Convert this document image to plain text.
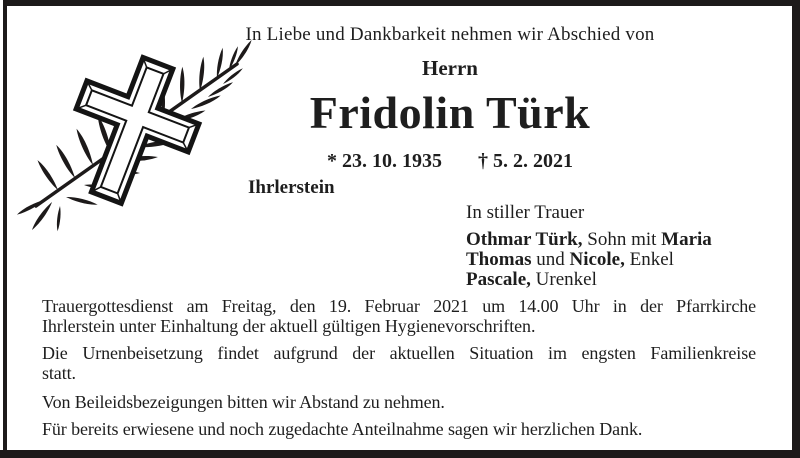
In Liebe und Dankbarkeit nehmen wir Abschied von
Herrn
Fridolin Türk
* 23. 10. 1935 † 5. 2. 2021
Ihrlerstein
In stiller Trauer
Othmar Türk, Sohn mit Maria
Thomas und Nicole, Enkel
Pascale, Urenkel

Trauergottesdienst am Freitag, den 19. Februar 2021 um 14.00 Uhr in der Pfarrkirche
Ihrlerstein unter Einhaltung der aktuell gültigen Hygienevorschriften.

Die Urnenbeisetzung findet aufgrund der aktuellen Situation im engsten Familienkreise
statt.

Von Beileidsbezeigungen bitten wir Abstand zu nehmen.

Für bereits erwiesene und noch zugedachte Anteilnahme sagen wir herzlichen Dank.
